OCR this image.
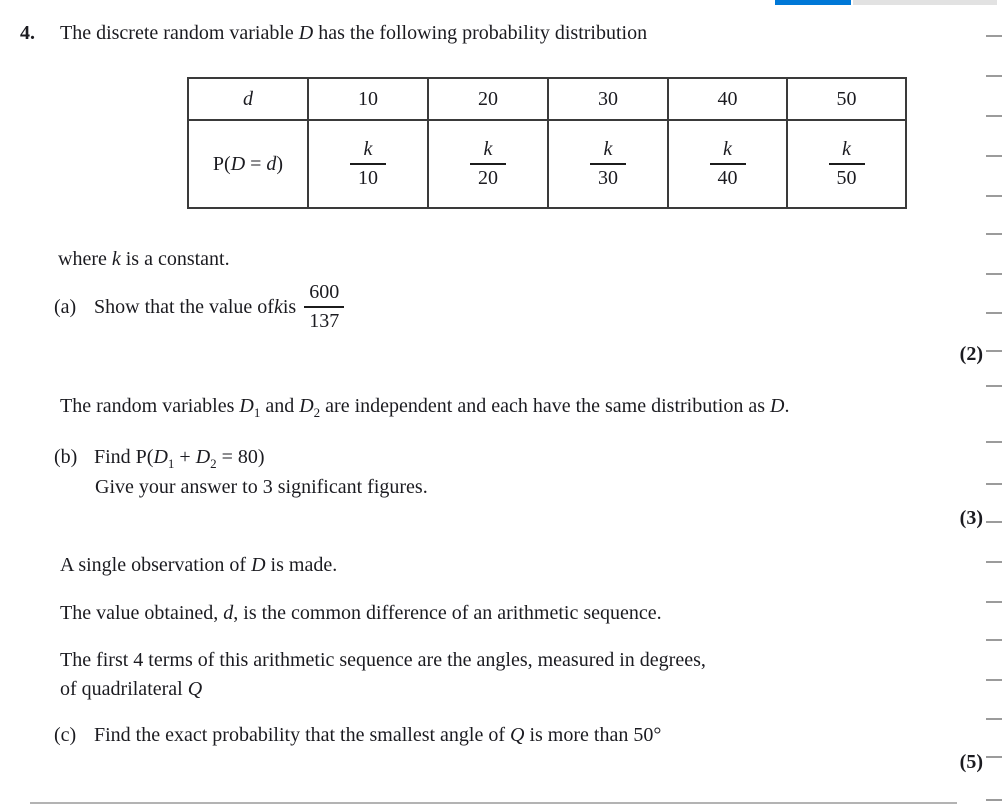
4. The discrete random variable D has the following probability distribution
d	10	20	30	40	50
P(D = d)	$\frac{k}{10}$	$\frac{k}{20}$	$\frac{k}{30}$	$\frac{k}{40}$	$\frac{k}{50}$
where k is a constant.
(a) Show that the value of k is $\frac{600}{137}$
(2)
The random variables $D_1$ and $D_2$ are independent and each have the same distribution as D.
(b) Find $P(D_1 + D_2 = 80)$
Give your answer to 3 significant figures.
(3)
A single observation of D is made.
The value obtained, d, is the common difference of an arithmetic sequence.
The first 4 terms of this arithmetic sequence are the angles, measured in degrees,
of quadrilateral Q
(c) Find the exact probability that the smallest angle of Q is more than 50°
(5)
